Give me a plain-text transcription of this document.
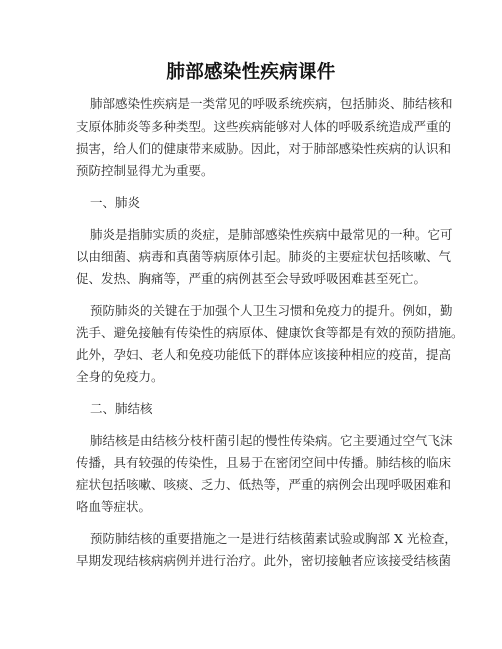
肺部感染性疾病课件
肺部感染性疾病是一类常见的呼吸系统疾病，包括肺炎、肺结核和
支原体肺炎等多种类型。这些疾病能够对人体的呼吸系统造成严重的
损害，给人们的健康带来威胁。因此，对于肺部感染性疾病的认识和
预防控制显得尤为重要。
一、肺炎
肺炎是指肺实质的炎症，是肺部感染性疾病中最常见的一种。它可
以由细菌、病毒和真菌等病原体引起。肺炎的主要症状包括咳嗽、气
促、发热、胸痛等，严重的病例甚至会导致呼吸困难甚至死亡。
预防肺炎的关键在于加强个人卫生习惯和免疫力的提升。例如，勤
洗手、避免接触有传染性的病原体、健康饮食等都是有效的预防措施。
此外，孕妇、老人和免疫功能低下的群体应该接种相应的疫苗，提高
全身的免疫力。
二、肺结核
肺结核是由结核分枝杆菌引起的慢性传染病。它主要通过空气飞沫
传播，具有较强的传染性，且易于在密闭空间中传播。肺结核的临床
症状包括咳嗽、咳痰、乏力、低热等，严重的病例会出现呼吸困难和
咯血等症状。
预防肺结核的重要措施之一是进行结核菌素试验或胸部 X 光检查，
早期发现结核病病例并进行治疗。此外，密切接触者应该接受结核菌
